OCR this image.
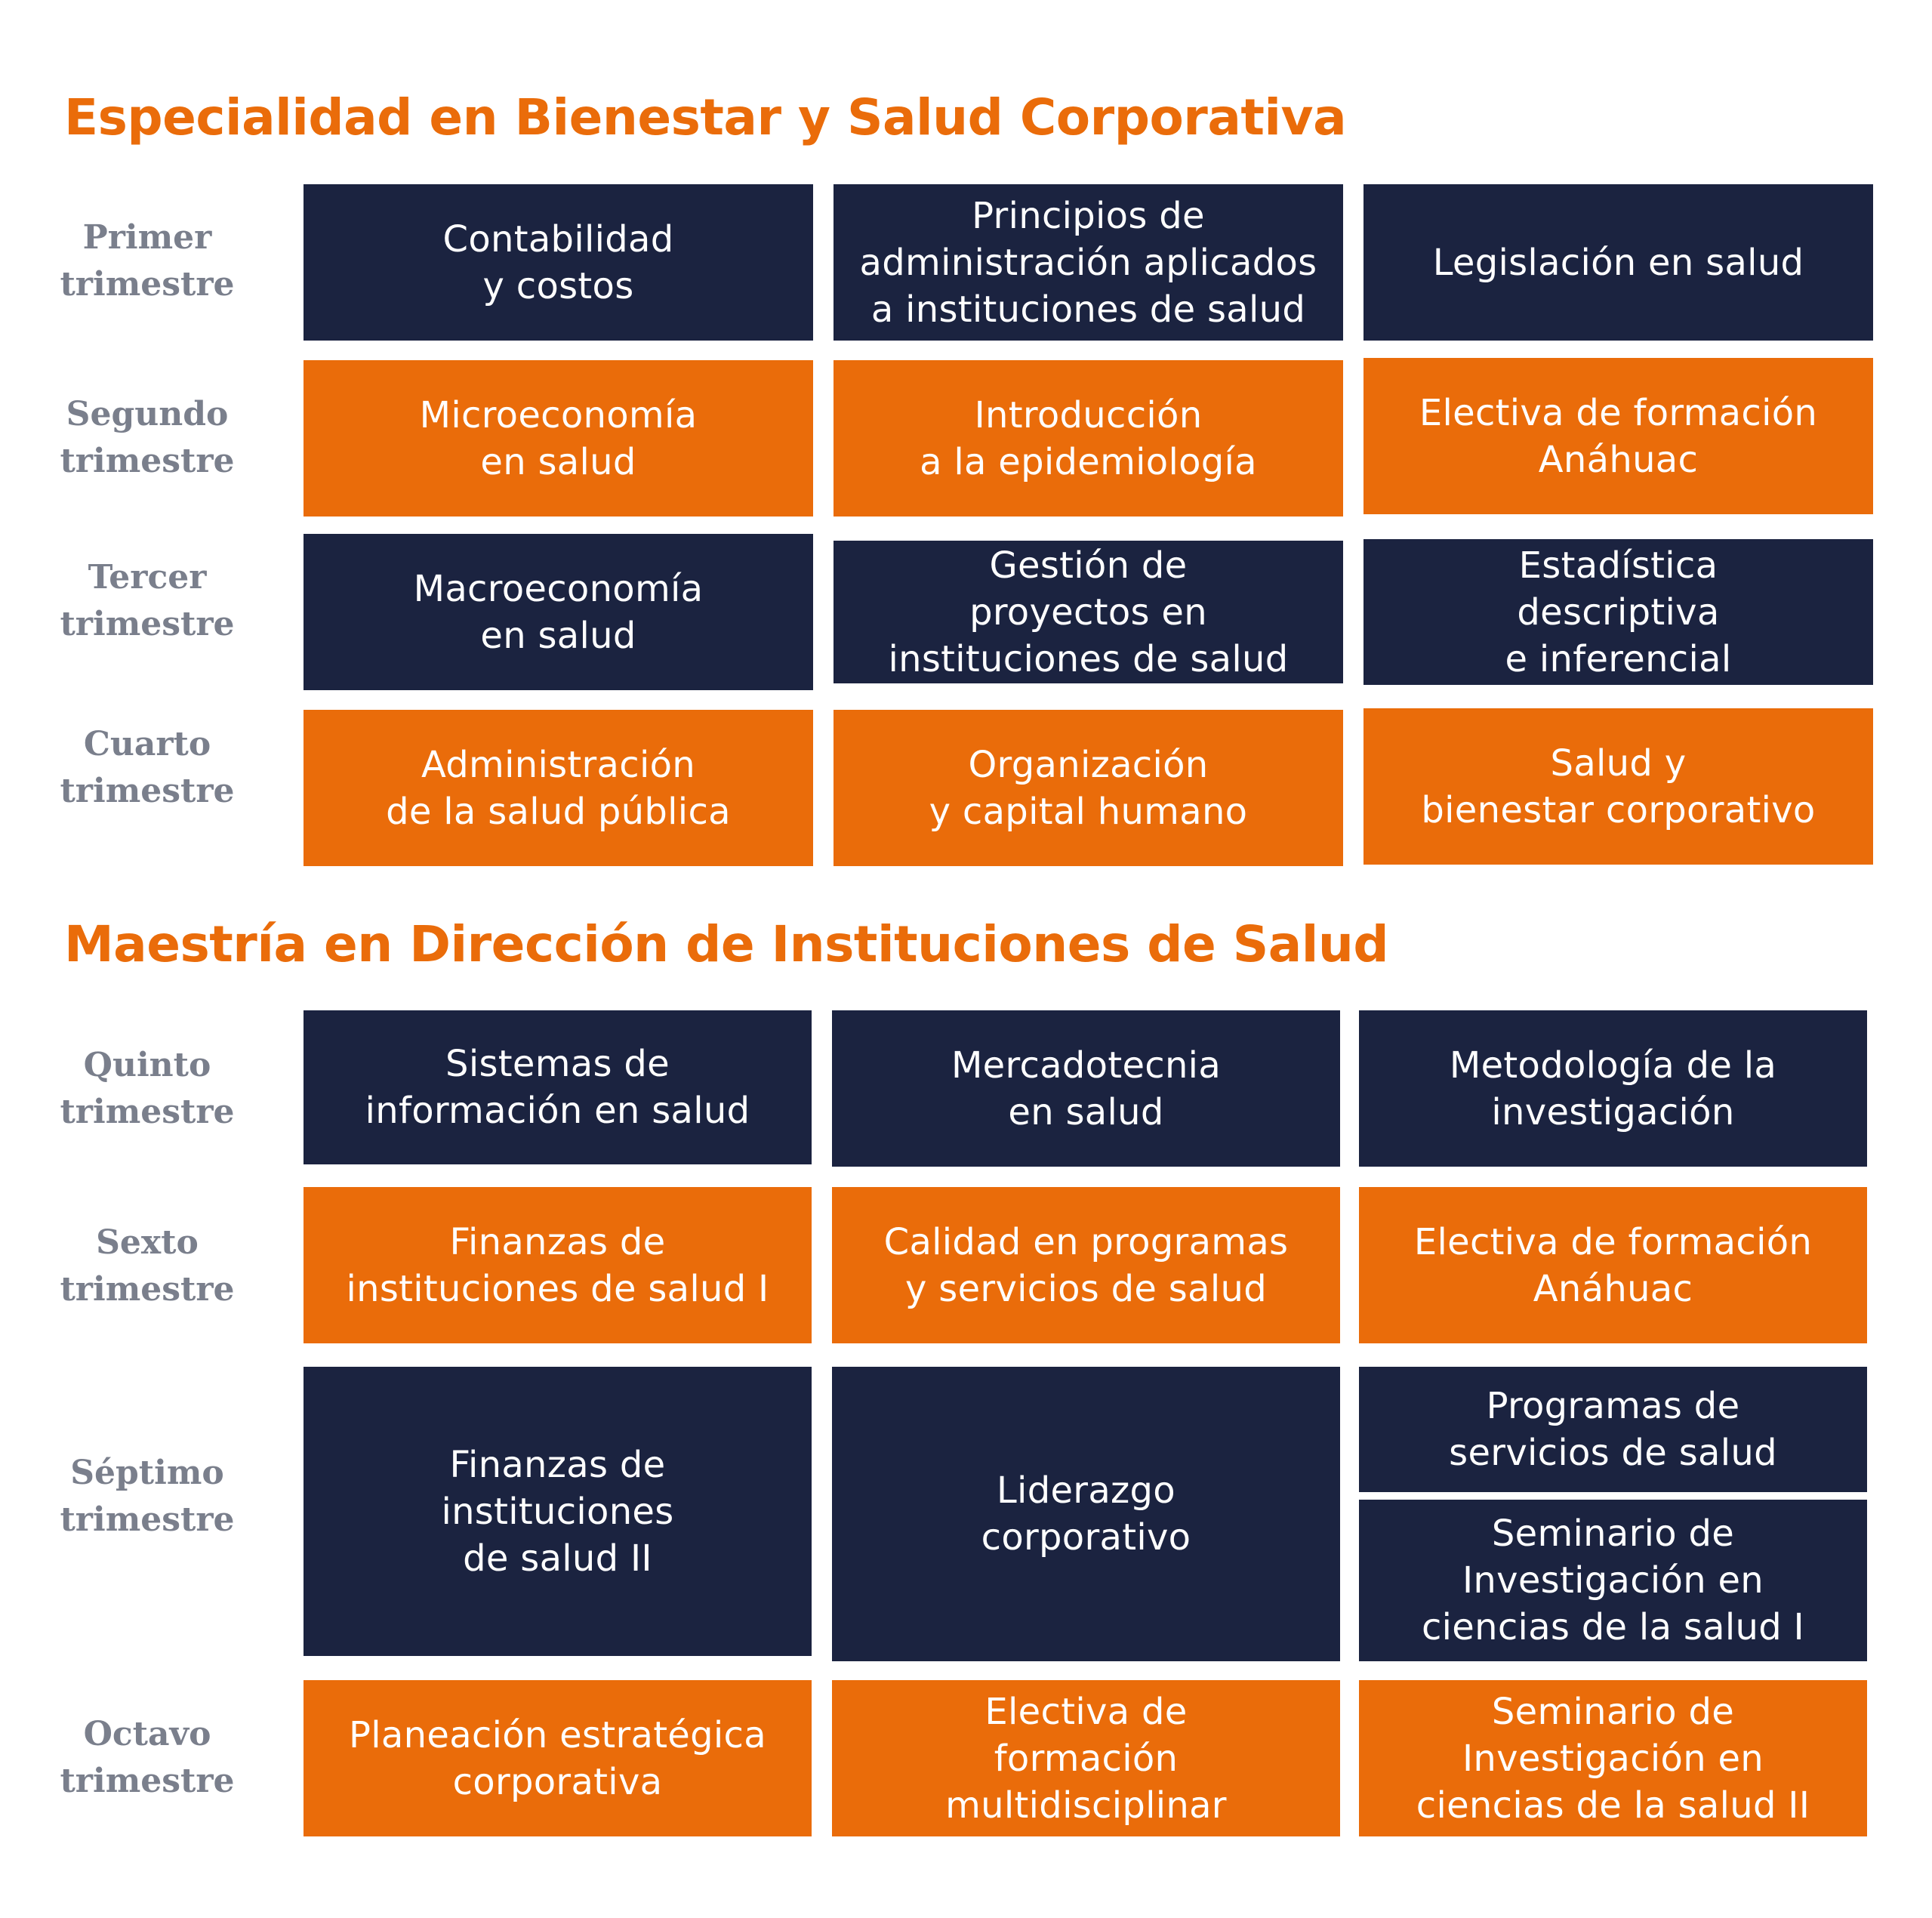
Especialidad en Bienestar y Salud Corporativa
Primer
trimestre
Contabilidad
y costos
Principios de
administración aplicados
a instituciones de salud
Legislación en salud
Segundo
trimestre
Microeconomía
en salud
Introducción
a la epidemiología
Electiva de formación
Anáhuac
Tercer
trimestre
Macroeconomía
en salud
Gestión de
proyectos en
instituciones de salud
Estadística
descriptiva
e inferencial
Cuarto
trimestre
Administración
de la salud pública
Organización
y capital humano
Salud y
bienestar corporativo
Maestría en Dirección de Instituciones de Salud
Quinto
trimestre
Sistemas de
información en salud
Mercadotecnia
en salud
Metodología de la
investigación
Sexto
trimestre
Finanzas de
instituciones de salud I
Calidad en programas
y servicios de salud
Electiva de formación
Anáhuac
Séptimo
trimestre
Finanzas de
instituciones
de salud II
Liderazgo
corporativo
Programas de
servicios de salud
Seminario de
Investigación en
ciencias de la salud I
Octavo
trimestre
Planeación estratégica
corporativa
Electiva de
formación
multidisciplinar
Seminario de
Investigación en
ciencias de la salud II
